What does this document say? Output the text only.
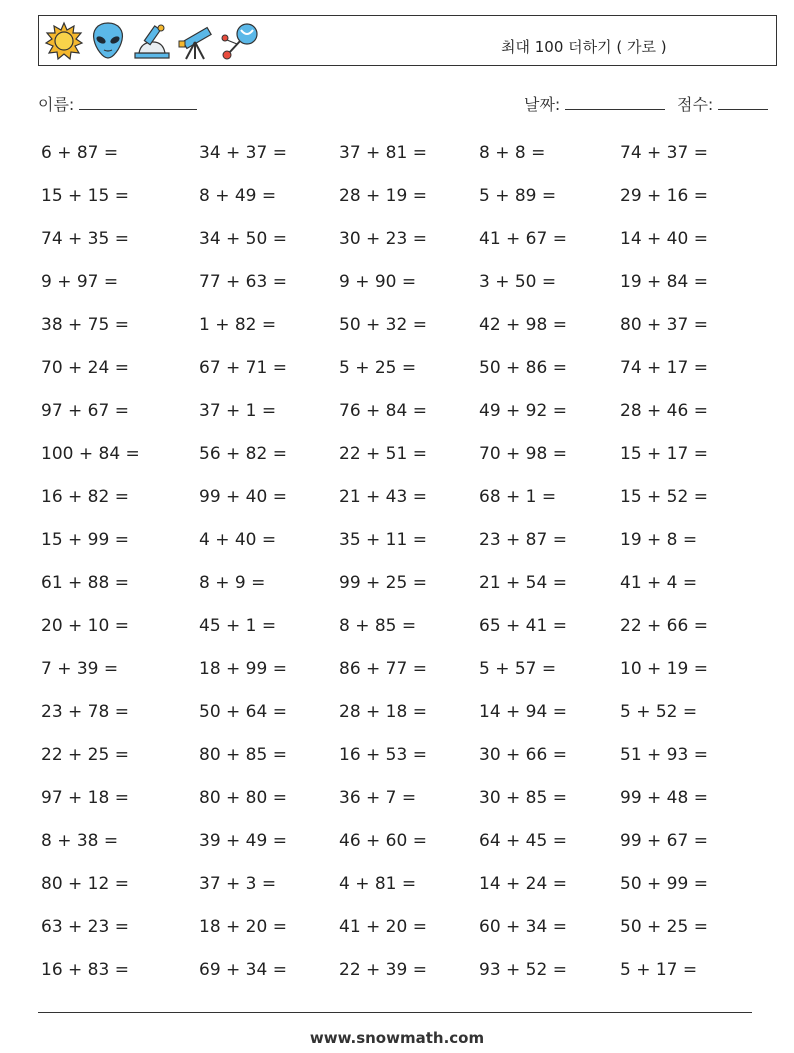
최대 100 더하기 ( 가로 )
이름:	날짜:	점수:
6 + 87 =	34 + 37 =	37 + 81 =	8 + 8 =	74 + 37 =
15 + 15 =	8 + 49 =	28 + 19 =	5 + 89 =	29 + 16 =
74 + 35 =	34 + 50 =	30 + 23 =	41 + 67 =	14 + 40 =
9 + 97 =	77 + 63 =	9 + 90 =	3 + 50 =	19 + 84 =
38 + 75 =	1 + 82 =	50 + 32 =	42 + 98 =	80 + 37 =
70 + 24 =	67 + 71 =	5 + 25 =	50 + 86 =	74 + 17 =
97 + 67 =	37 + 1 =	76 + 84 =	49 + 92 =	28 + 46 =
100 + 84 =	56 + 82 =	22 + 51 =	70 + 98 =	15 + 17 =
16 + 82 =	99 + 40 =	21 + 43 =	68 + 1 =	15 + 52 =
15 + 99 =	4 + 40 =	35 + 11 =	23 + 87 =	19 + 8 =
61 + 88 =	8 + 9 =	99 + 25 =	21 + 54 =	41 + 4 =
20 + 10 =	45 + 1 =	8 + 85 =	65 + 41 =	22 + 66 =
7 + 39 =	18 + 99 =	86 + 77 =	5 + 57 =	10 + 19 =
23 + 78 =	50 + 64 =	28 + 18 =	14 + 94 =	5 + 52 =
22 + 25 =	80 + 85 =	16 + 53 =	30 + 66 =	51 + 93 =
97 + 18 =	80 + 80 =	36 + 7 =	30 + 85 =	99 + 48 =
8 + 38 =	39 + 49 =	46 + 60 =	64 + 45 =	99 + 67 =
80 + 12 =	37 + 3 =	4 + 81 =	14 + 24 =	50 + 99 =
63 + 23 =	18 + 20 =	41 + 20 =	60 + 34 =	50 + 25 =
16 + 83 =	69 + 34 =	22 + 39 =	93 + 52 =	5 + 17 =
www.snowmath.com
